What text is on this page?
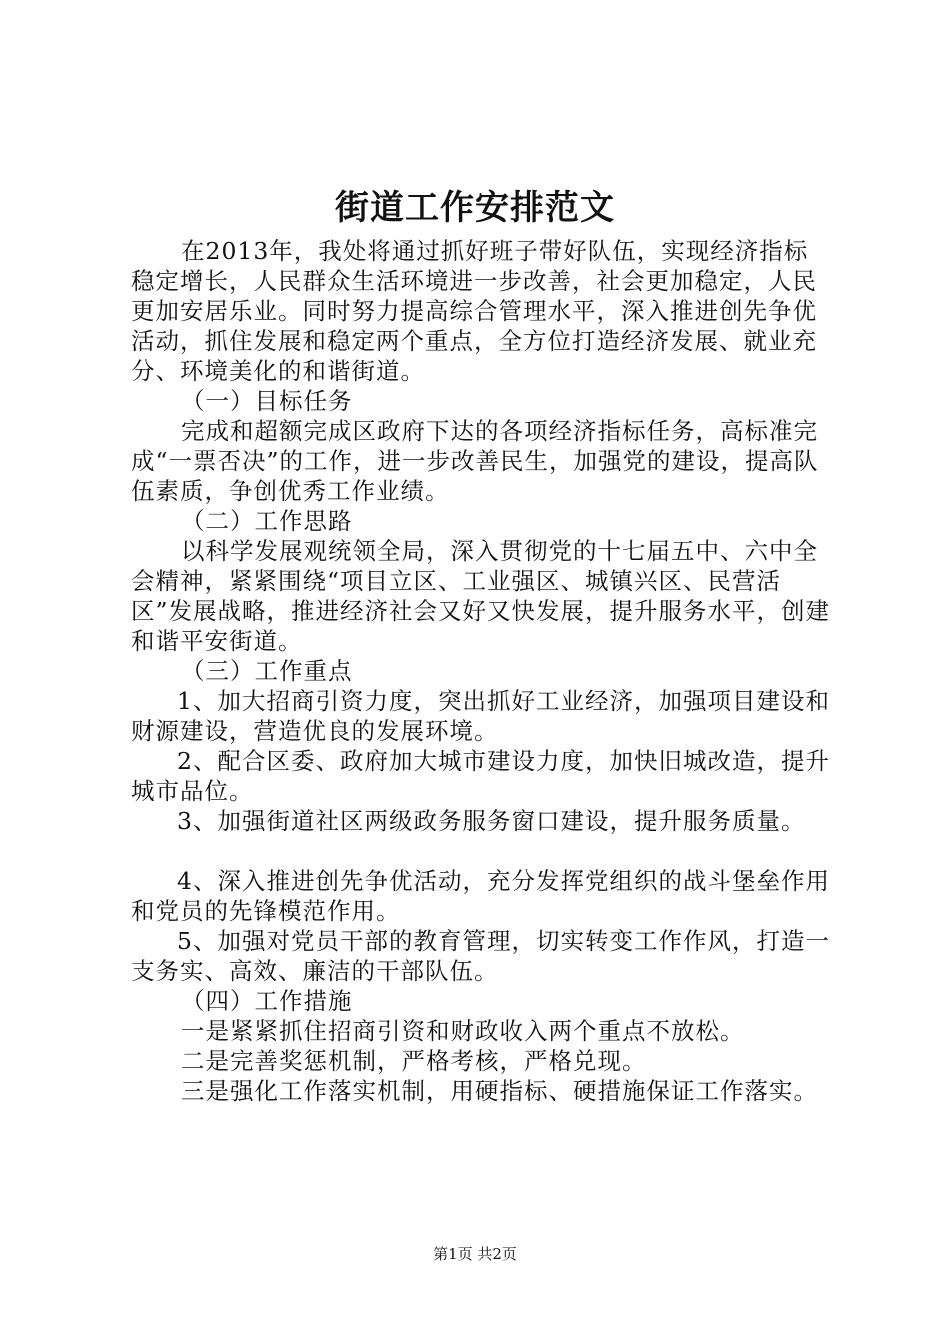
街道工作安排范文

在2013年，我处将通过抓好班子带好队伍，实现经济指标稳定增长，人民群众生活环境进一步改善，社会更加稳定，人民更加安居乐业。同时努力提高综合管理水平，深入推进创先争优活动，抓住发展和稳定两个重点，全方位打造经济发展、就业充分、环境美化的和谐街道。

（一）目标任务

完成和超额完成区政府下达的各项经济指标任务，高标准完成“一票否决”的工作，进一步改善民生，加强党的建设，提高队伍素质，争创优秀工作业绩。

（二）工作思路

以科学发展观统领全局，深入贯彻党的十七届五中、六中全会精神，紧紧围绕“项目立区、工业强区、城镇兴区、民营活区”发展战略，推进经济社会又好又快发展，提升服务水平，创建和谐平安街道。

（三）工作重点

1、加大招商引资力度，突出抓好工业经济，加强项目建设和财源建设，营造优良的发展环境。

2、配合区委、政府加大城市建设力度，加快旧城改造，提升城市品位。

3、加强街道社区两级政务服务窗口建设，提升服务质量。

4、深入推进创先争优活动，充分发挥党组织的战斗堡垒作用和党员的先锋模范作用。

5、加强对党员干部的教育管理，切实转变工作作风，打造一支务实、高效、廉洁的干部队伍。

（四）工作措施

一是紧紧抓住招商引资和财政收入两个重点不放松。

二是完善奖惩机制，严格考核，严格兑现。

三是强化工作落实机制，用硬指标、硬措施保证工作落实。

第1页 共2页
